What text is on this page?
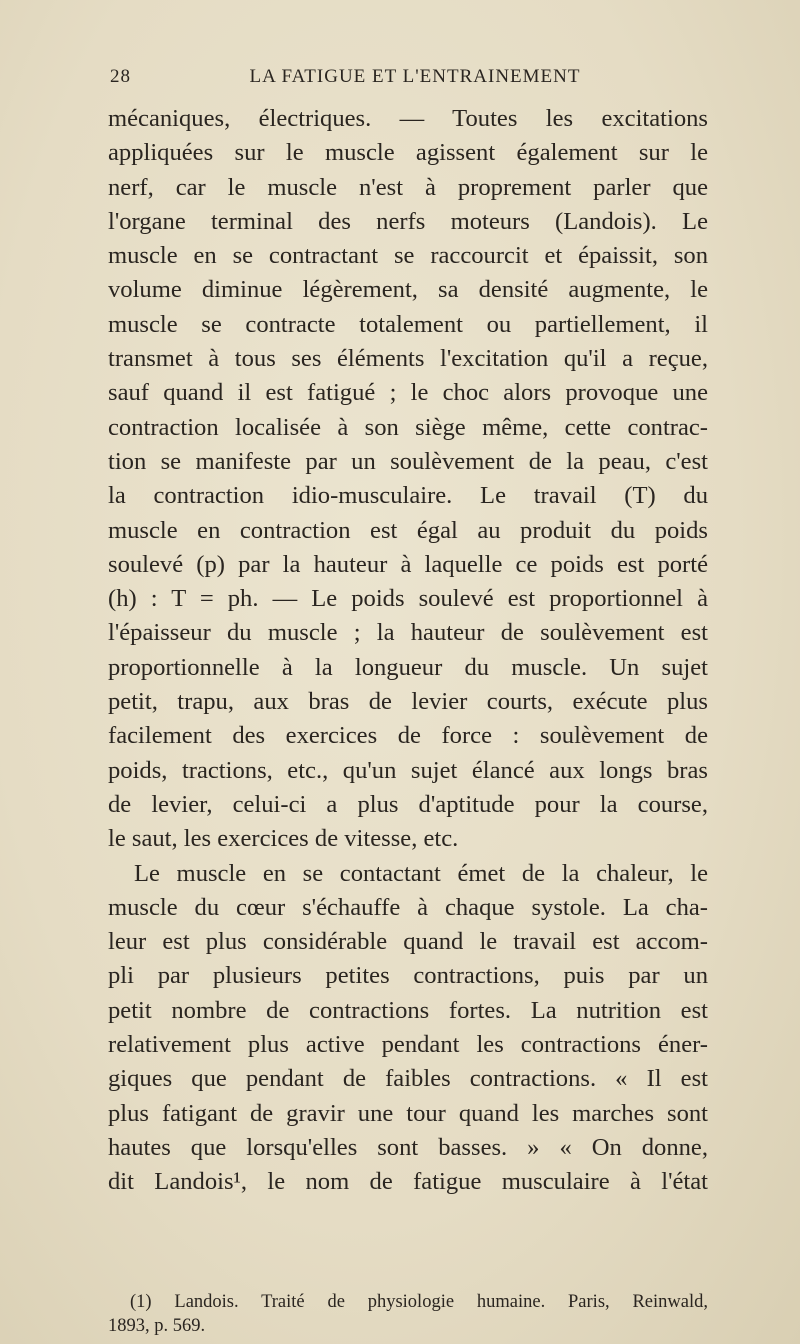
28	LA FATIGUE ET L'ENTRAINEMENT
mécaniques, électriques. — Toutes les excitations
appliquées sur le muscle agissent également sur le
nerf, car le muscle n'est à proprement parler que
l'organe terminal des nerfs moteurs (Landois). Le
muscle en se contractant se raccourcit et épaissit, son
volume diminue légèrement, sa densité augmente, le
muscle se contracte totalement ou partiellement, il
transmet à tous ses éléments l'excitation qu'il a reçue,
sauf quand il est fatigué ; le choc alors provoque une
contraction localisée à son siège même, cette contrac-
tion se manifeste par un soulèvement de la peau, c'est
la contraction idio-musculaire. Le travail (T) du
muscle en contraction est égal au produit du poids
soulevé (p) par la hauteur à laquelle ce poids est porté
(h) : T = ph. — Le poids soulevé est proportionnel à
l'épaisseur du muscle ; la hauteur de soulèvement est
proportionnelle à la longueur du muscle. Un sujet
petit, trapu, aux bras de levier courts, exécute plus
facilement des exercices de force : soulèvement de
poids, tractions, etc., qu'un sujet élancé aux longs bras
de levier, celui-ci a plus d'aptitude pour la course,
le saut, les exercices de vitesse, etc.
Le muscle en se contactant émet de la chaleur, le
muscle du cœur s'échauffe à chaque systole. La cha-
leur est plus considérable quand le travail est accom-
pli par plusieurs petites contractions, puis par un
petit nombre de contractions fortes. La nutrition est
relativement plus active pendant les contractions éner-
giques que pendant de faibles contractions. « Il est
plus fatigant de gravir une tour quand les marches sont
hautes que lorsqu'elles sont basses. » « On donne,
dit Landois¹, le nom de fatigue musculaire à l'état
(1) Landois. Traité de physiologie humaine. Paris, Reinwald,
1893, p. 569.
